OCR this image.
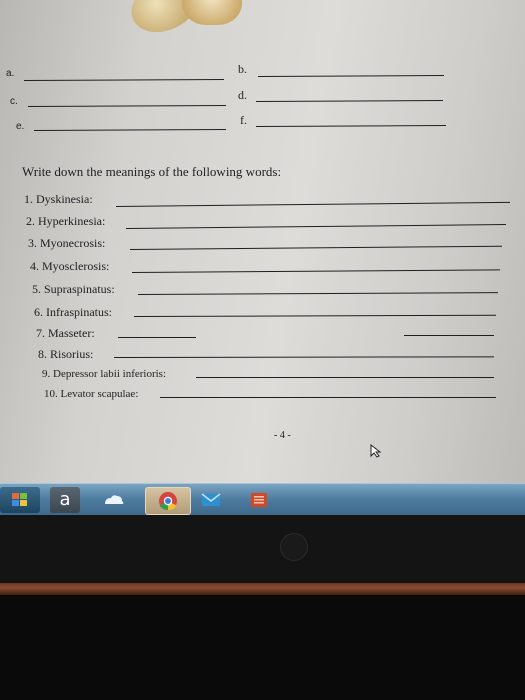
a.	b.
c.	d.
e.	f.
Write down the meanings of the following words:
1. Dyskinesia:
2. Hyperkinesia:
3. Myonecrosis:
4. Myosclerosis:
5. Supraspinatus:
6. Infraspinatus:
7. Masseter:
8. Risorius:
9. Depressor labii inferioris:
10. Levator scapulae:
- 4 -
a
